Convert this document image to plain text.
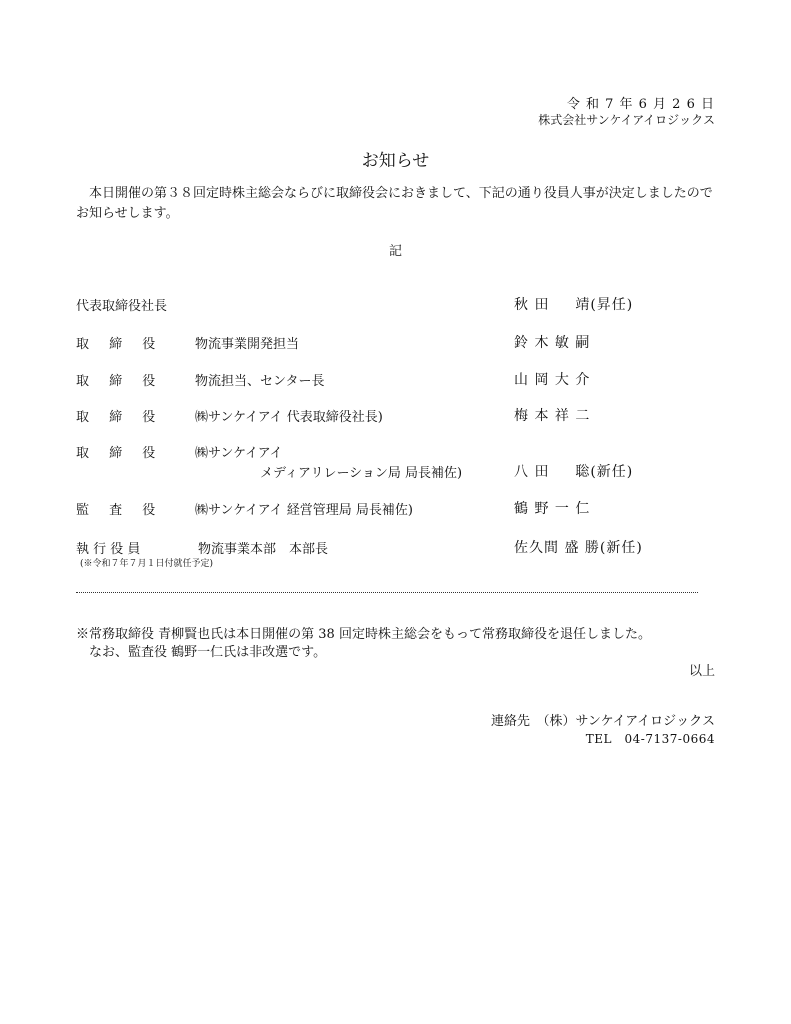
令 和 7 年 6 月 2 6 日
株式会社サンケイアイロジックス
お知らせ
本日開催の第３８回定時株主総会ならびに取締役会におきまして、下記の通り役員人事が決定しましたのでお知らせします。
記
代表取締役社長	秋 田 　 靖(昇任)
取 締 役 物流事業開発担当	鈴 木 敏 嗣
取 締 役 物流担当、センター長	山 岡 大 介
取 締 役 ㈱サンケイアイ 代表取締役社長)	梅 本 祥 二
取 締 役 ㈱サンケイアイ
メディアリレーション局 局長補佐)	八 田 　 聡(新任)
監 査 役 ㈱サンケイアイ 経営管理局 局長補佐)	鶴 野 一 仁
執 行 役 員	物流事業本部　本部長	佐久間 盛 勝(新任)
(※令和７年７月１日付就任予定)
※常務取締役 青柳賢也氏は本日開催の第 38 回定時株主総会をもって常務取締役を退任しました。
なお、監査役 鶴野一仁氏は非改選です。
以上
連絡先　（株）サンケイアイロジックス
TEL　04-7137-0664
